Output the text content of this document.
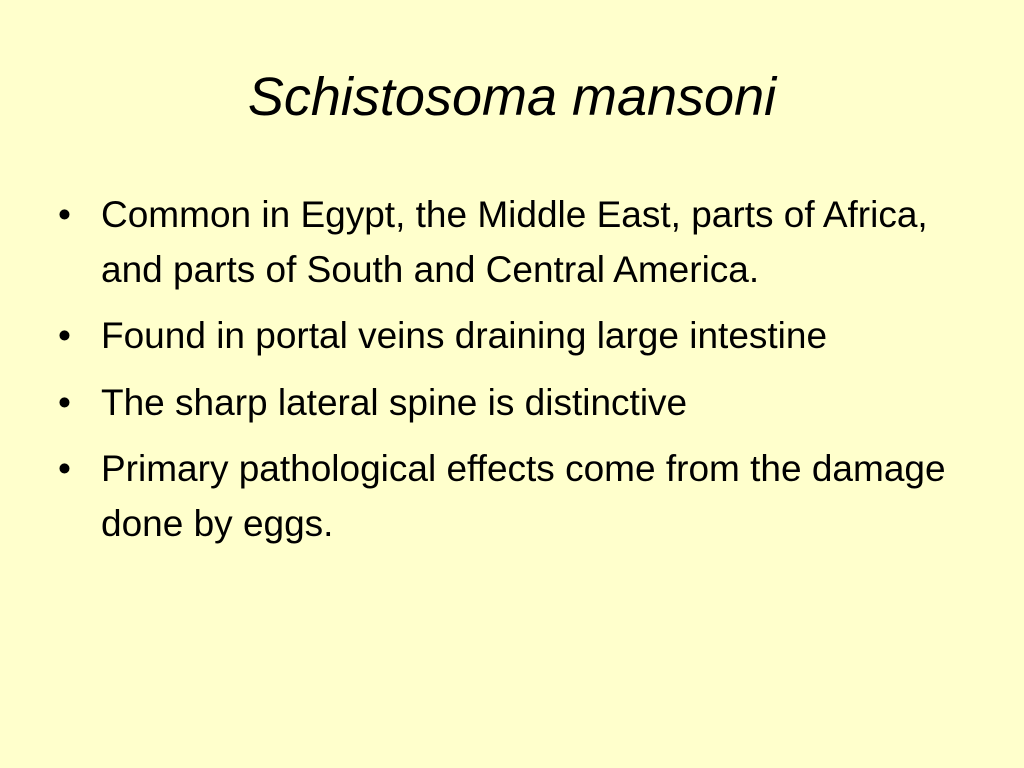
Schistosoma mansoni
• Common in Egypt, the Middle East, parts of Africa, and parts of South and Central America.
• Found in portal veins draining large intestine
• The sharp lateral spine is distinctive
• Primary pathological effects come from the damage done by eggs.
